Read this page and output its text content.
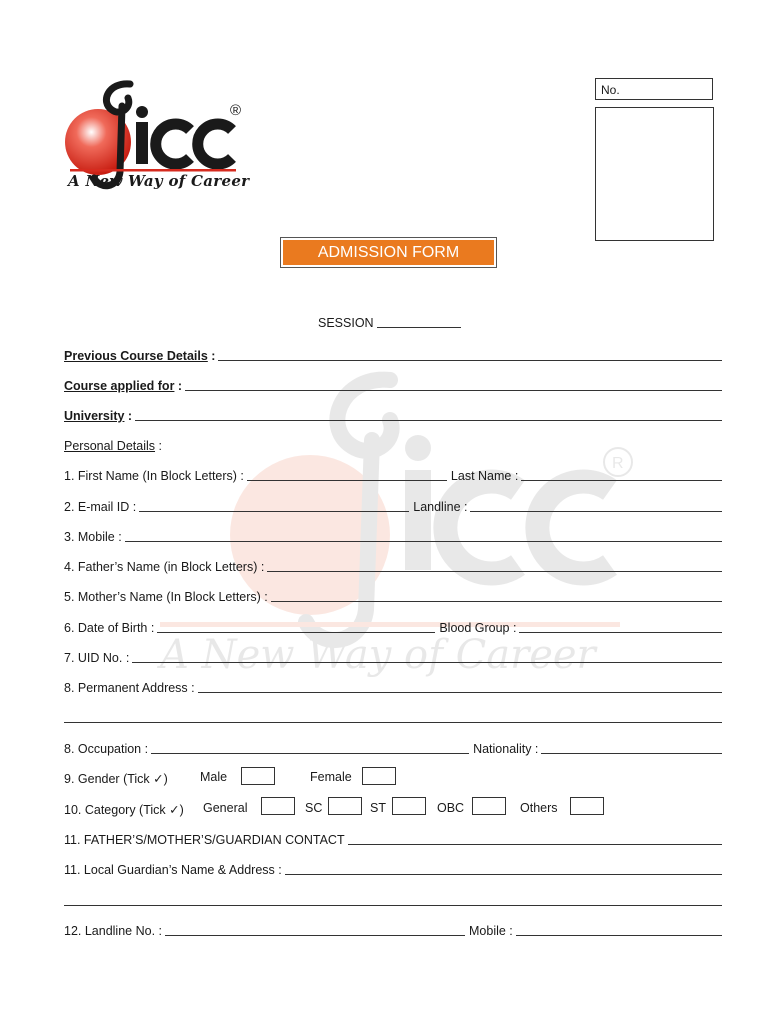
®
A New Way of Career
No.
ADMISSION FORM
R
A New Way of Career
SESSION
Previous Course Details :
Course applied for :
University :
Personal Details :
1. First Name (In Block Letters) :	Last Name :
2. E-mail ID :	Landline :
3. Mobile :
4. Father’s Name (in Block Letters) :
5. Mother’s Name (In Block Letters) :
6. Date of Birth :	Blood Group :
7. UID No. :
8. Permanent Address :
8. Occupation :	Nationality :
9. Gender (Tick ✓)	Male	Female
10. Category (Tick ✓) General	SC	ST	OBC	Others
11. FATHER’S/MOTHER’S/GUARDIAN CONTACT
11. Local Guardian’s Name & Address :
12. Landline No. :	Mobile :
